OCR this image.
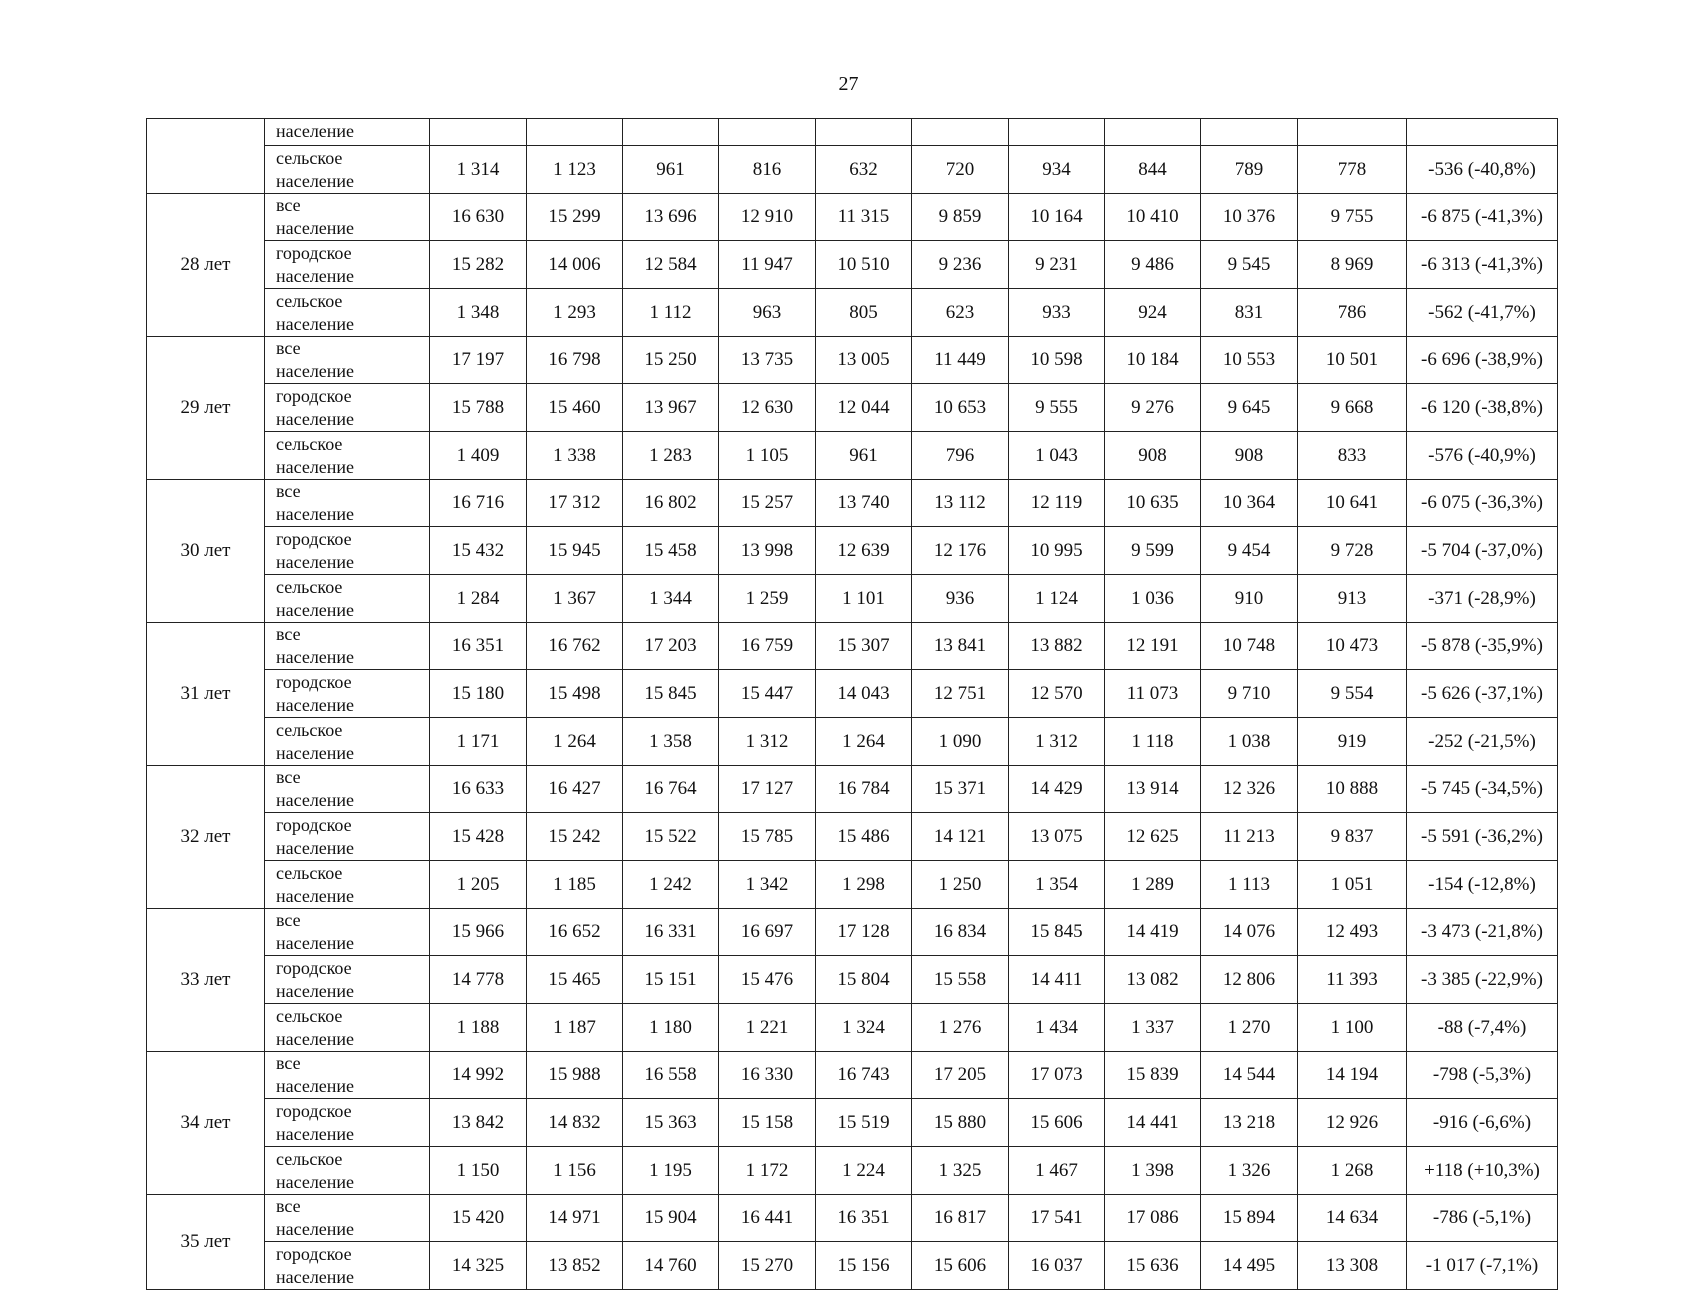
27

	население											

	сельское население	1 314	1 123	961	816	632	720	934	844	789	778	-536 (-40,8%)
28 лет	все население	16 630	15 299	13 696	12 910	11 315	9 859	10 164	10 410	10 376	9 755	-6 875 (-41,3%)

	городское население	15 282	14 006	12 584	11 947	10 510	9 236	9 231	9 486	9 545	8 969	-6 313 (-41,3%)

	сельское население	1 348	1 293	1 112	963	805	623	933	924	831	786	-562 (-41,7%)
29 лет	все население	17 197	16 798	15 250	13 735	13 005	11 449	10 598	10 184	10 553	10 501	-6 696 (-38,9%)

	городское население	15 788	15 460	13 967	12 630	12 044	10 653	9 555	9 276	9 645	9 668	-6 120 (-38,8%)

	сельское население	1 409	1 338	1 283	1 105	961	796	1 043	908	908	833	-576 (-40,9%)
30 лет	все население	16 716	17 312	16 802	15 257	13 740	13 112	12 119	10 635	10 364	10 641	-6 075 (-36,3%)

	городское население	15 432	15 945	15 458	13 998	12 639	12 176	10 995	9 599	9 454	9 728	-5 704 (-37,0%)

	сельское население	1 284	1 367	1 344	1 259	1 101	936	1 124	1 036	910	913	-371 (-28,9%)
31 лет	все население	16 351	16 762	17 203	16 759	15 307	13 841	13 882	12 191	10 748	10 473	-5 878 (-35,9%)

	городское население	15 180	15 498	15 845	15 447	14 043	12 751	12 570	11 073	9 710	9 554	-5 626 (-37,1%)

	сельское население	1 171	1 264	1 358	1 312	1 264	1 090	1 312	1 118	1 038	919	-252 (-21,5%)
32 лет	все население	16 633	16 427	16 764	17 127	16 784	15 371	14 429	13 914	12 326	10 888	-5 745 (-34,5%)

	городское население	15 428	15 242	15 522	15 785	15 486	14 121	13 075	12 625	11 213	9 837	-5 591 (-36,2%)

	сельское население	1 205	1 185	1 242	1 342	1 298	1 250	1 354	1 289	1 113	1 051	-154 (-12,8%)
33 лет	все население	15 966	16 652	16 331	16 697	17 128	16 834	15 845	14 419	14 076	12 493	-3 473 (-21,8%)

	городское население	14 778	15 465	15 151	15 476	15 804	15 558	14 411	13 082	12 806	11 393	-3 385 (-22,9%)

	сельское население	1 188	1 187	1 180	1 221	1 324	1 276	1 434	1 337	1 270	1 100	-88 (-7,4%)
34 лет	все население	14 992	15 988	16 558	16 330	16 743	17 205	17 073	15 839	14 544	14 194	-798 (-5,3%)

	городское население	13 842	14 832	15 363	15 158	15 519	15 880	15 606	14 441	13 218	12 926	-916 (-6,6%)

	сельское население	1 150	1 156	1 195	1 172	1 224	1 325	1 467	1 398	1 326	1 268	+118 (+10,3%)
35 лет	все население	15 420	14 971	15 904	16 441	16 351	16 817	17 541	17 086	15 894	14 634	-786 (-5,1%)

	городское население	14 325	13 852	14 760	15 270	15 156	15 606	16 037	15 636	14 495	13 308	-1 017 (-7,1%)
